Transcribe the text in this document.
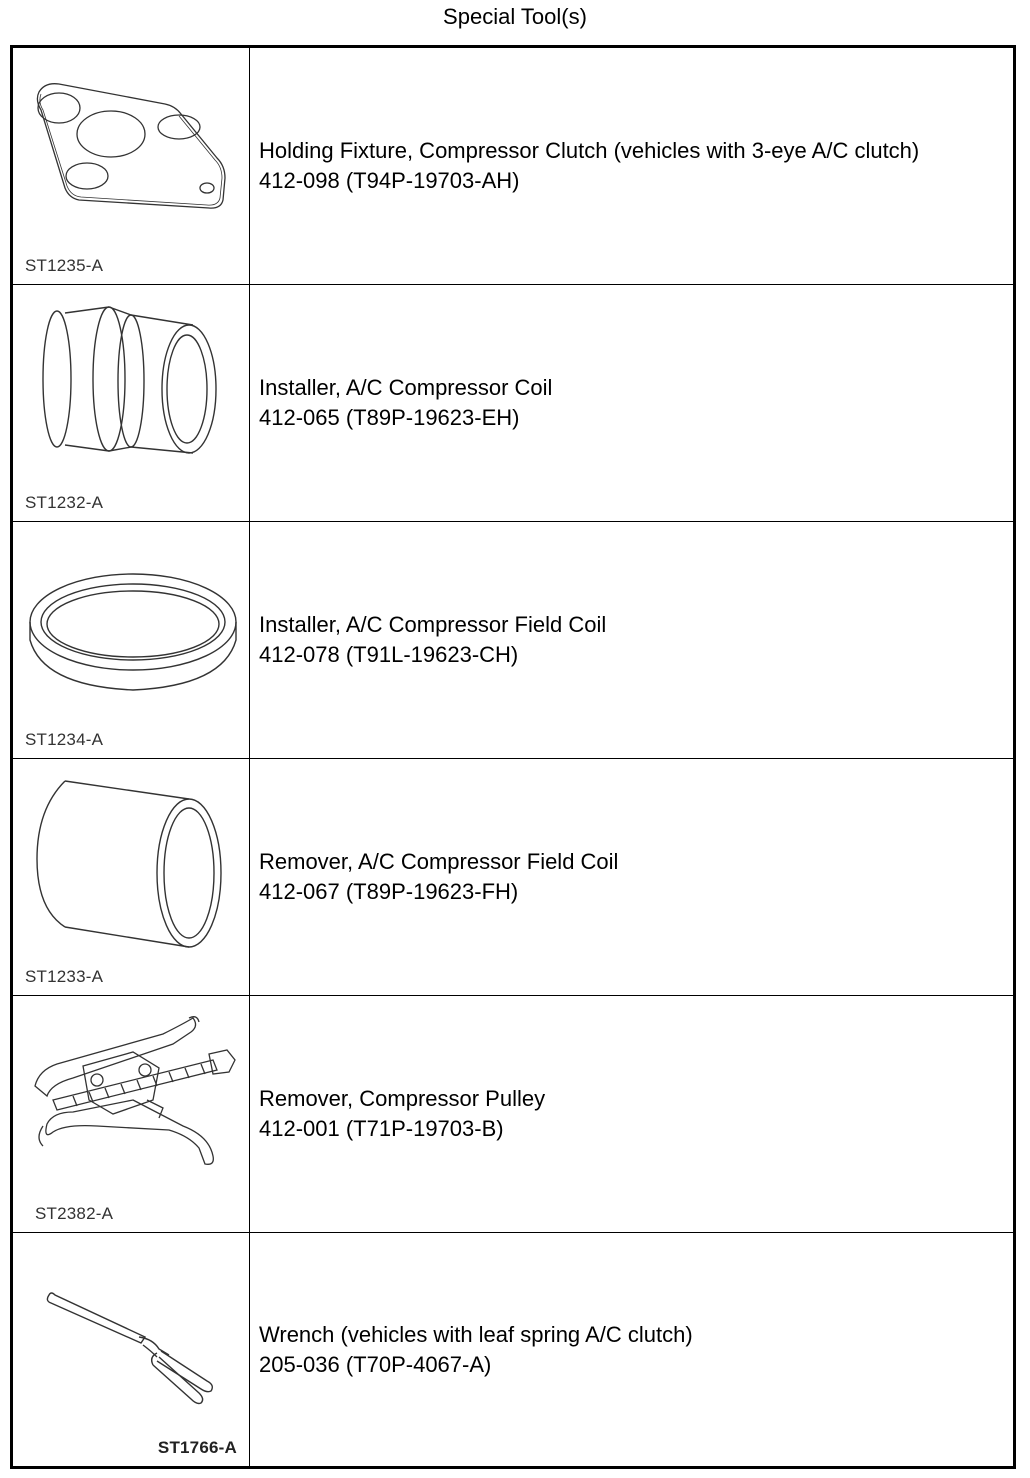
Special Tool(s)
ST1235-A
Holding Fixture, Compressor Clutch (vehicles with 3-eye A/C clutch)
412-098 (T94P-19703-AH)
ST1232-A
Installer, A/C Compressor Coil
412-065 (T89P-19623-EH)
ST1234-A
Installer, A/C Compressor Field Coil
412-078 (T91L-19623-CH)
ST1233-A
Remover, A/C Compressor Field Coil
412-067 (T89P-19623-FH)
ST2382-A
Remover, Compressor Pulley
412-001 (T71P-19703-B)
ST1766-A
Wrench (vehicles with leaf spring A/C clutch)
205-036 (T70P-4067-A)
